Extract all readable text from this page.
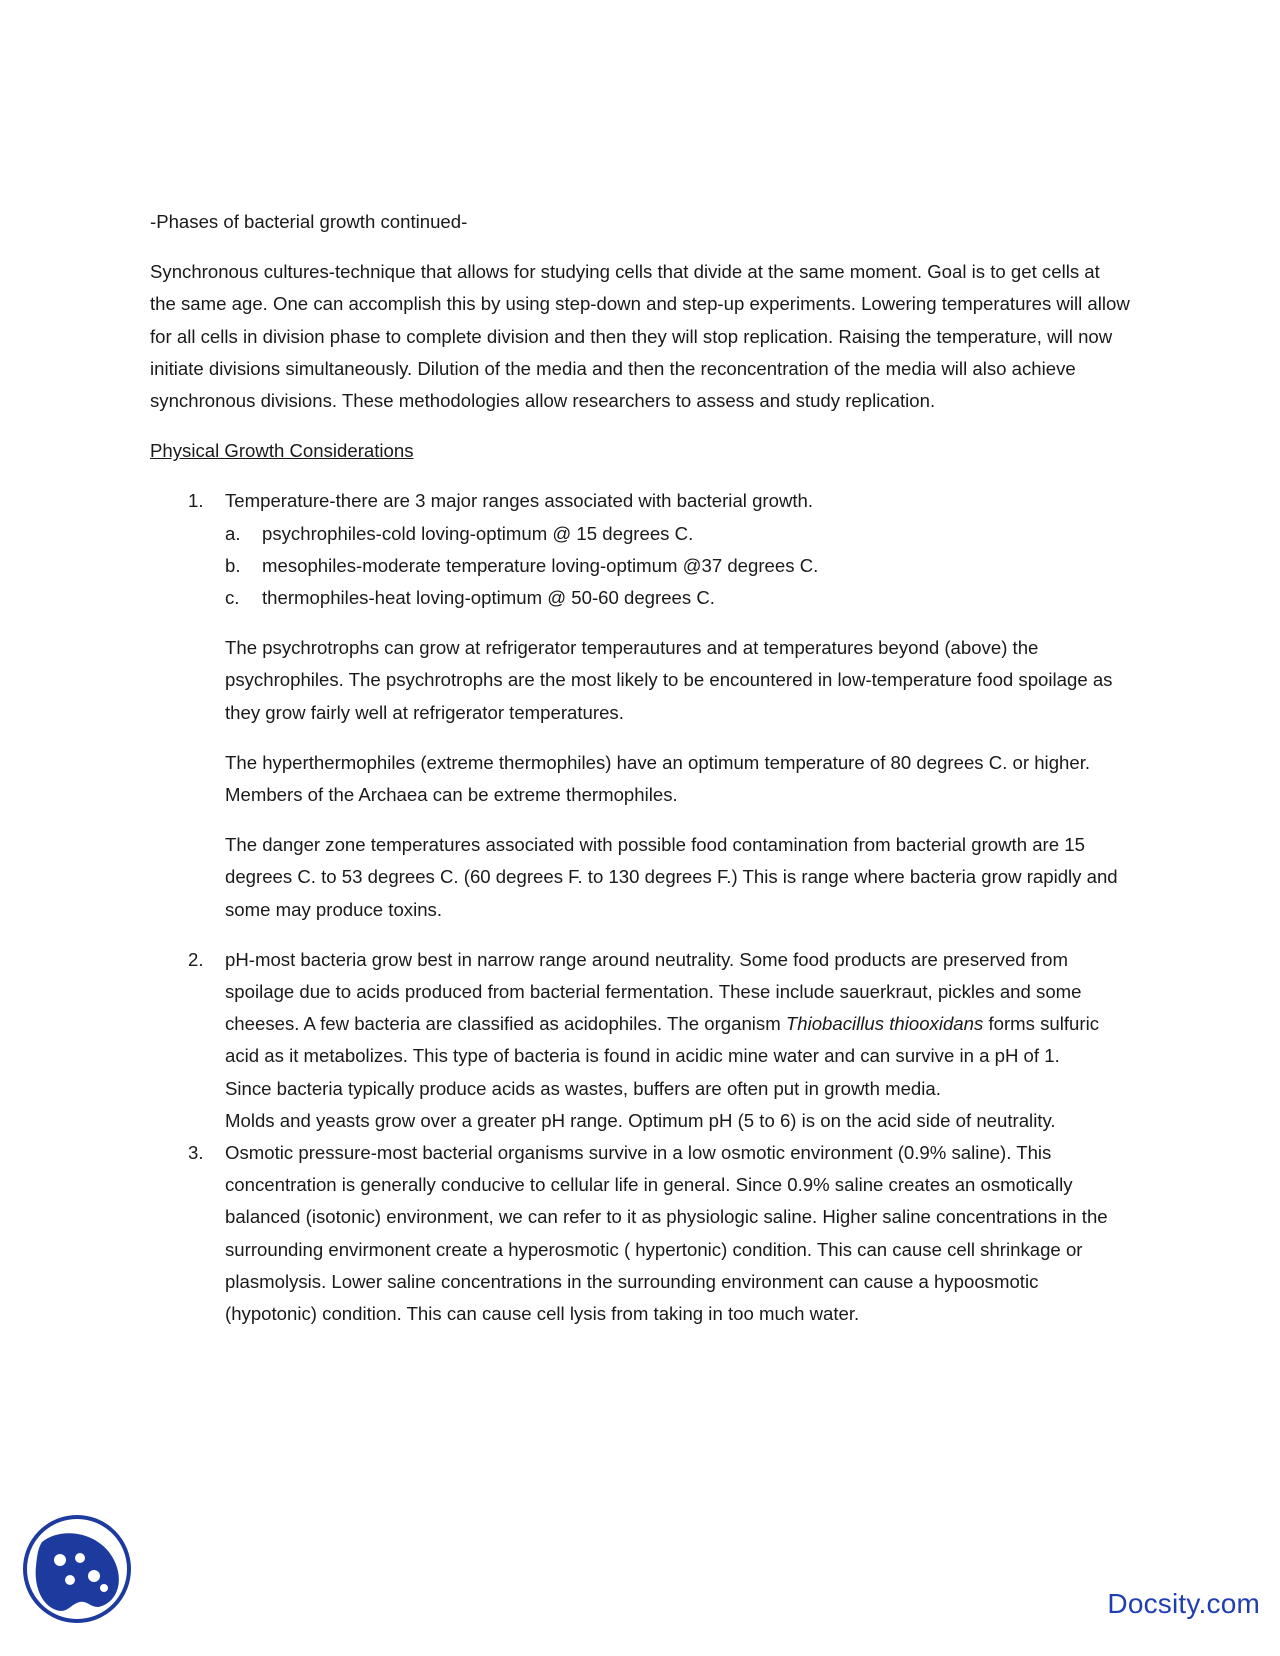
-Phases of bacterial growth continued-

Synchronous cultures-technique that allows for studying cells that divide at the same moment. Goal is to get cells at the same age. One can accomplish this by using step-down and step-up experiments. Lowering temperatures will allow for all cells in division phase to complete division and then they will stop replication. Raising the temperature, will now initiate divisions simultaneously. Dilution of the media and then the reconcentration of the media will also achieve synchronous divisions. These methodologies allow researchers to assess and study replication.

Physical Growth Considerations

1. Temperature-there are 3 major ranges associated with bacterial growth.

a. psychrophiles-cold loving-optimum @ 15 degrees C.
b. mesophiles-moderate temperature loving-optimum @37 degrees C.
c. thermophiles-heat loving-optimum @ 50-60 degrees C.

The psychrotrophs can grow at refrigerator temperautures and at temperatures beyond (above) the psychrophiles. The psychrotrophs are the most likely to be encountered in low-temperature food spoilage as they grow fairly well at refrigerator temperatures.

The hyperthermophiles (extreme thermophiles) have an optimum temperature of 80 degrees C. or higher. Members of the Archaea can be extreme thermophiles.

The danger zone temperatures associated with possible food contamination from bacterial growth are 15 degrees C. to 53 degrees C. (60 degrees F. to 130 degrees F.) This is range where bacteria grow rapidly and some may produce toxins.

2. pH-most bacteria grow best in narrow range around neutrality. Some food products are preserved from spoilage due to acids produced from bacterial fermentation. These include sauerkraut, pickles and some cheeses. A few bacteria are classified as acidophiles. The organism Thiobacillus thiooxidans forms sulfuric acid as it metabolizes. This type of bacteria is found in acidic mine water and can survive in a pH of 1.

Since bacteria typically produce acids as wastes, buffers are often put in growth media.

Molds and yeasts grow over a greater pH range. Optimum pH (5 to 6) is on the acid side of neutrality.

3. Osmotic pressure-most bacterial organisms survive in a low osmotic environment (0.9% saline). This concentration is generally conducive to cellular life in general. Since 0.9% saline creates an osmotically balanced (isotonic) environment, we can refer to it as physiologic saline. Higher saline concentrations in the surrounding envirmonent create a hyperosmotic ( hypertonic) condition. This can cause cell shrinkage or plasmolysis. Lower saline concentrations in the surrounding environment can cause a hypoosmotic (hypotonic) condition. This can cause cell lysis from taking in too much water.

Docsity.com
